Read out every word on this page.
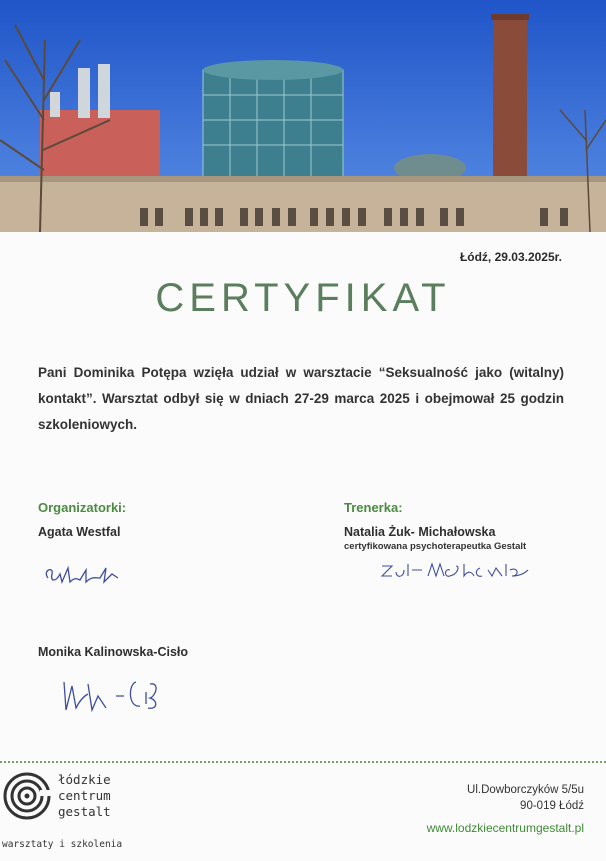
Łódź, 29.03.2025r.
CERTYFIKAT
Pani Dominika Potępa wzięła udział w warsztacie “Seksualność jako (witalny) kontakt”. Warsztat odbył się w dniach 27-29 marca 2025 i obejmował 25 godzin szkoleniowych.
Organizatorki:
Agata Westfal
Monika Kalinowska-Cisło
Trenerka:
Natalia Żuk- Michałowska
certyfikowana psychoterapeutka Gestalt
łódzkie
centrum
gestalt
warsztaty i szkolenia
Ul.Dowborczyków 5/5u
90-019 Łódź
www.lodzkiecentrumgestalt.pl
